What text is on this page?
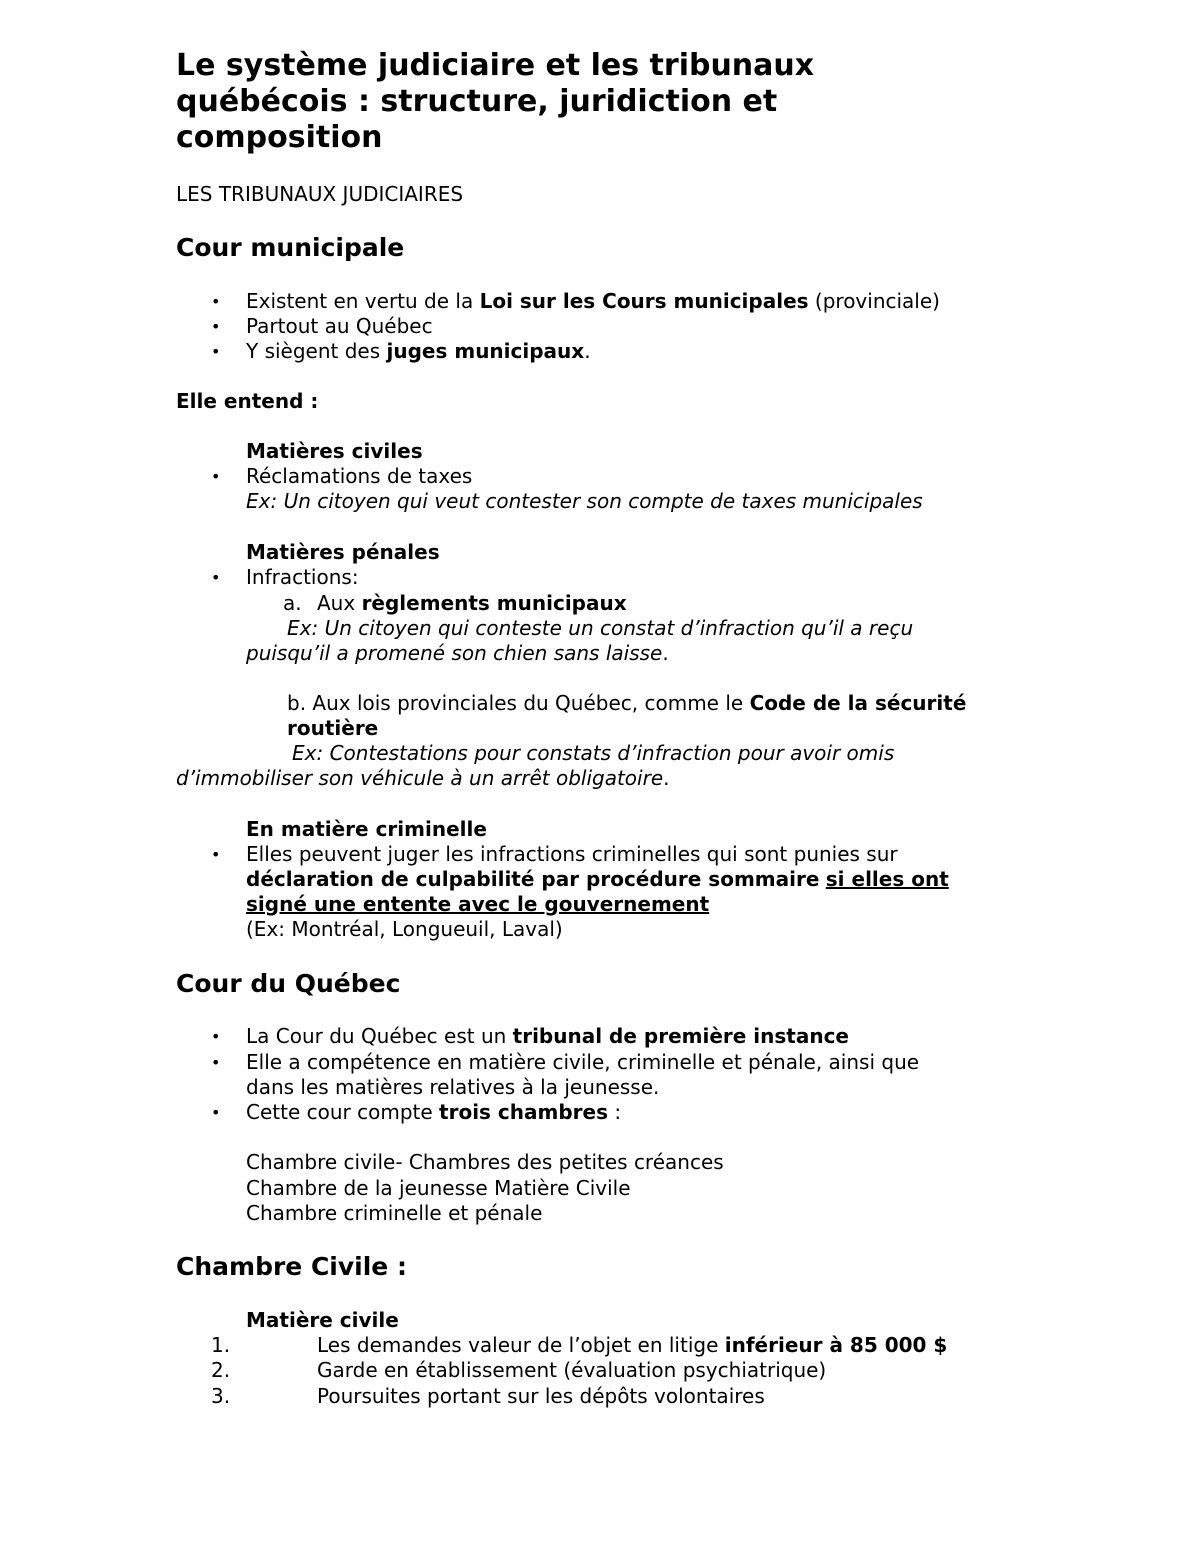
Le système judiciaire et les tribunaux
québécois : structure, juridiction et
composition
LES TRIBUNAUX JUDICIAIRES
Cour municipale
• Existent en vertu de la Loi sur les Cours municipales (provinciale)
• Partout au Québec
• Y siègent des juges municipaux.
Elle entend :
Matières civiles
• Réclamations de taxes
Ex: Un citoyen qui veut contester son compte de taxes municipales
Matières pénales
• Infractions:
a. Aux règlements municipaux
Ex: Un citoyen qui conteste un constat d’infraction qu’il a reçu
puisqu’il a promené son chien sans laisse.
b. Aux lois provinciales du Québec, comme le Code de la sécurité
routière
Ex: Contestations pour constats d’infraction pour avoir omis
d’immobiliser son véhicule à un arrêt obligatoire.
En matière criminelle
• Elles peuvent juger les infractions criminelles qui sont punies sur
déclaration de culpabilité par procédure sommaire si elles ont
signé une entente avec le gouvernement
(Ex: Montréal, Longueuil, Laval)
Cour du Québec
• La Cour du Québec est un tribunal de première instance
• Elle a compétence en matière civile, criminelle et pénale, ainsi que
dans les matières relatives à la jeunesse.
• Cette cour compte trois chambres :
Chambre civile- Chambres des petites créances
Chambre de la jeunesse Matière Civile
Chambre criminelle et pénale
Chambre Civile :
Matière civile
1.	Les demandes valeur de l’objet en litige inférieur à 85 000 $
2.	Garde en établissement (évaluation psychiatrique)
3.	Poursuites portant sur les dépôts volontaires
